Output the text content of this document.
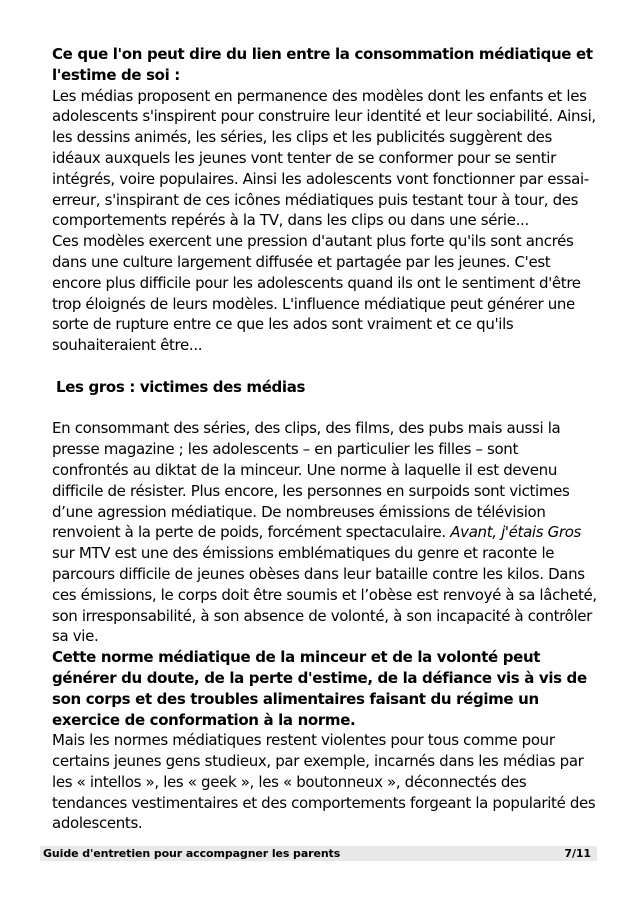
Ce que l'on peut dire du lien entre la consommation médiatique et l'estime de soi :

Les médias proposent en permanence des modèles dont les enfants et les adolescents s'inspirent pour construire leur identité et leur sociabilité. Ainsi, les dessins animés, les séries, les clips et les publicités suggèrent des idéaux auxquels les jeunes vont tenter de se conformer pour se sentir intégrés, voire populaires. Ainsi les adolescents vont fonctionner par essai-erreur, s'inspirant de ces icônes médiatiques puis testant tour à tour, des comportements repérés à la TV, dans les clips ou dans une série...

Ces modèles exercent une pression d'autant plus forte qu'ils sont ancrés dans une culture largement diffusée et partagée par les jeunes. C'est encore plus difficile pour les adolescents quand ils ont le sentiment d'être trop éloignés de leurs modèles. L'influence médiatique peut générer une sorte de rupture entre ce que les ados sont vraiment et ce qu'ils souhaiteraient être...

Les gros : victimes des médias

En consommant des séries, des clips, des films, des pubs mais aussi la presse magazine ; les adolescents – en particulier les filles – sont confrontés au diktat de la minceur. Une norme à laquelle il est devenu difficile de résister. Plus encore, les personnes en surpoids sont victimes d’une agression médiatique. De nombreuses émissions de télévision renvoient à la perte de poids, forcément spectaculaire. Avant, j'étais Gros sur MTV est une des émissions emblématiques du genre et raconte le parcours difficile de jeunes obèses dans leur bataille contre les kilos. Dans ces émissions, le corps doit être soumis et l’obèse est renvoyé à sa lâcheté, son irresponsabilité, à son absence de volonté, à son incapacité à contrôler sa vie.

Cette norme médiatique de la minceur et de la volonté peut générer du doute, de la perte d'estime, de la défiance vis à vis de son corps et des troubles alimentaires faisant du régime un exercice de conformation à la norme.

Mais les normes médiatiques restent violentes pour tous comme pour certains jeunes gens studieux, par exemple, incarnés dans les médias par les « intellos », les « geek », les « boutonneux », déconnectés des tendances vestimentaires et des comportements forgeant la popularité des adolescents.

Guide d'entretien pour accompagner les parents	7/11
